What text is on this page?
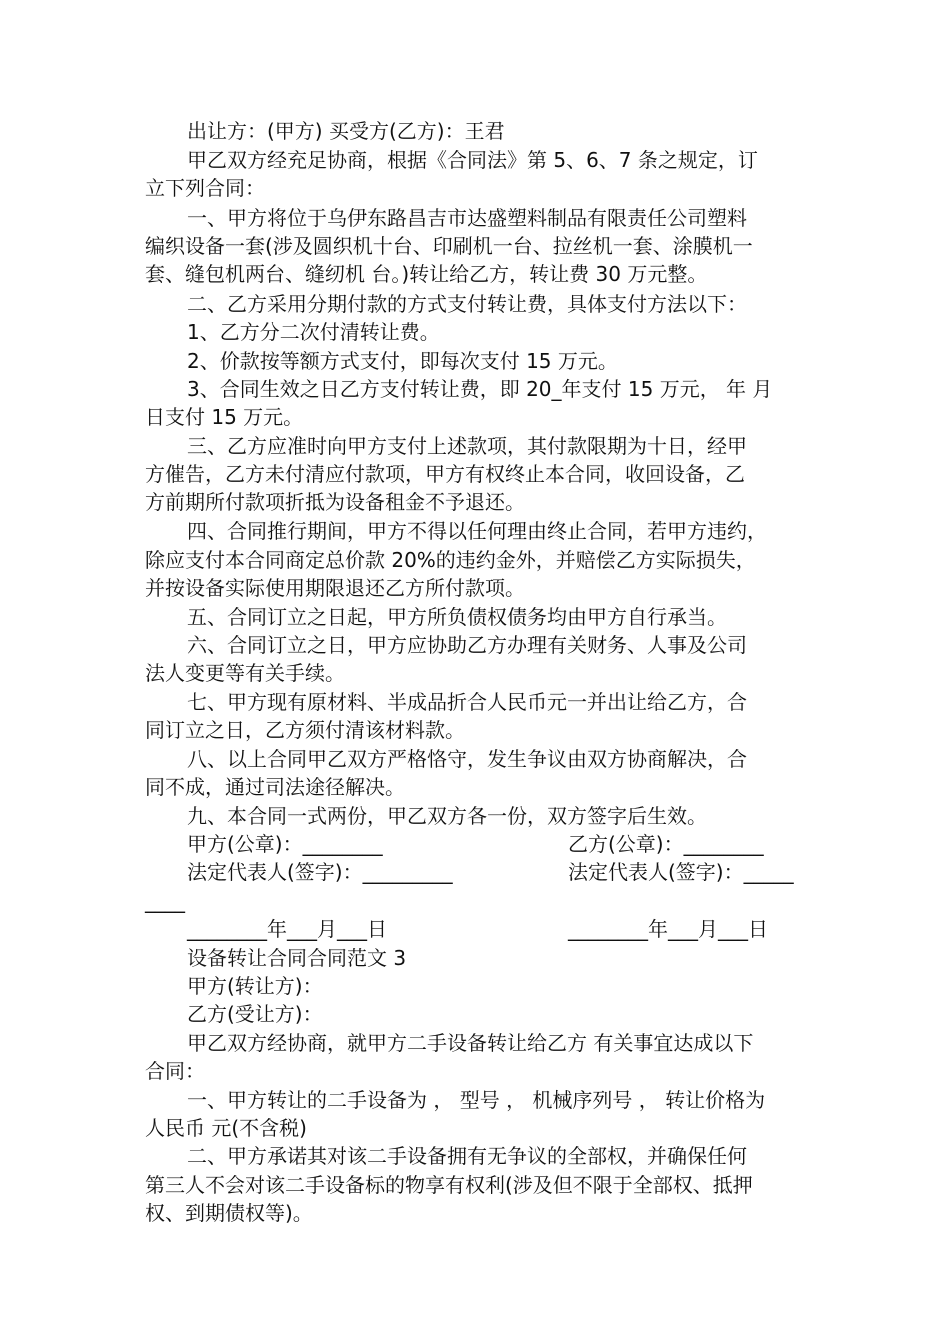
出让方：(甲方) 买受方(乙方)：王君
甲乙双方经充足协商，根据《合同法》第 5、6、7 条之规定，订
立下列合同：
一、甲方将位于乌伊东路昌吉市达盛塑料制品有限责任公司塑料
编织设备一套(涉及圆织机十台、印刷机一台、拉丝机一套、涂膜机一
套、缝包机两台、缝纫机 台。)转让给乙方，转让费 30 万元整。
二、乙方采用分期付款的方式支付转让费，具体支付方法以下：
1、乙方分二次付清转让费。
2、价款按等额方式支付，即每次支付 15 万元。
3、合同生效之日乙方支付转让费，即 20_年支付 15 万元， 年 月
日支付 15 万元。
三、乙方应准时向甲方支付上述款项，其付款限期为十日，经甲
方催告，乙方未付清应付款项，甲方有权终止本合同，收回设备，乙
方前期所付款项折抵为设备租金不予退还。
四、合同推行期间，甲方不得以任何理由终止合同，若甲方违约，
除应支付本合同商定总价款 20%的违约金外，并赔偿乙方实际损失，
并按设备实际使用期限退还乙方所付款项。
五、合同订立之日起，甲方所负债权债务均由甲方自行承当。
六、合同订立之日，甲方应协助乙方办理有关财务、人事及公司
法人变更等有关手续。
七、甲方现有原材料、半成品折合人民币元一并出让给乙方，合
同订立之日，乙方须付清该材料款。
八、以上合同甲乙双方严格恪守，发生争议由双方协商解决，合
同不成，通过司法途径解决。
九、本合同一式两份，甲乙双方各一份，双方签字后生效。
甲方(公章)：________	乙方(公章)：________
法定代表人(签字)：_________	法定代表人(签字)：_____
____
________年___月___日	________年___月___日
设备转让合同合同范文 3
甲方(转让方)：
乙方(受让方)：
甲乙双方经协商，就甲方二手设备转让给乙方 有关事宜达成以下
合同：
一、甲方转让的二手设备为 ， 型号 ， 机械序列号 ， 转让价格为
人民币 元(不含税)
二、甲方承诺其对该二手设备拥有无争议的全部权，并确保任何
第三人不会对该二手设备标的物享有权利(涉及但不限于全部权、抵押
权、到期债权等)。
